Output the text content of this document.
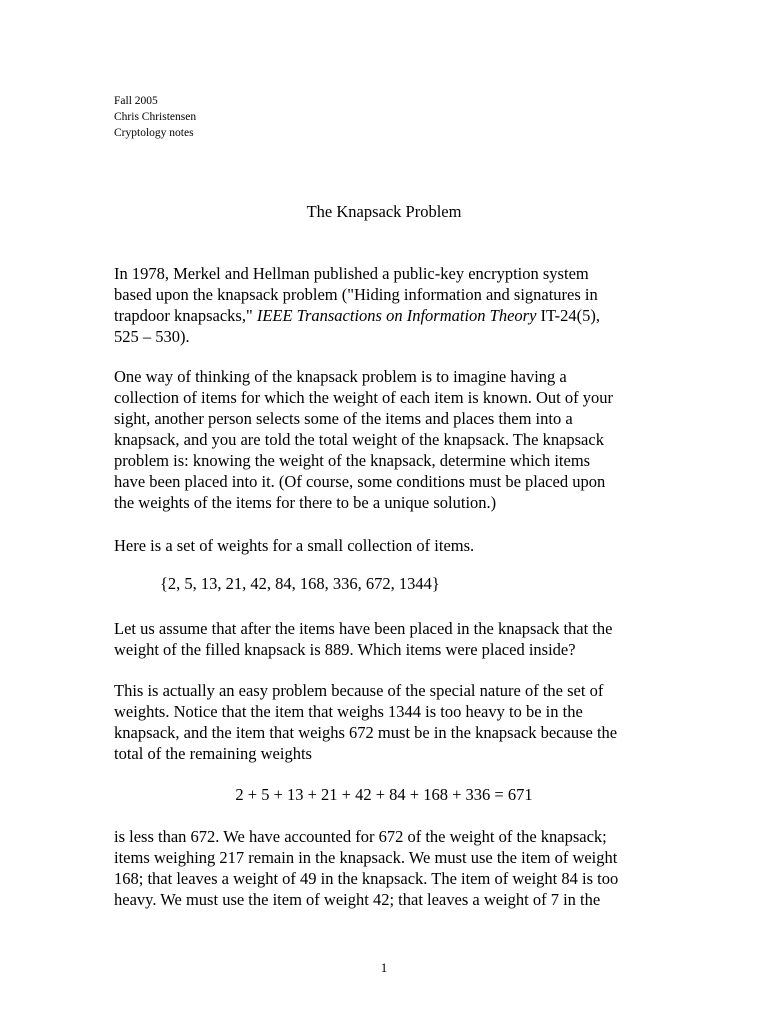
Fall 2005
Chris Christensen
Cryptology notes
The Knapsack Problem
In 1978, Merkel and Hellman published a public-key encryption system
based upon the knapsack problem ("Hiding information and signatures in
trapdoor knapsacks," IEEE Transactions on Information Theory IT-24(5),
525 – 530).
One way of thinking of the knapsack problem is to imagine having a
collection of items for which the weight of each item is known. Out of your
sight, another person selects some of the items and places them into a
knapsack, and you are told the total weight of the knapsack. The knapsack
problem is: knowing the weight of the knapsack, determine which items
have been placed into it. (Of course, some conditions must be placed upon
the weights of the items for there to be a unique solution.)
Here is a set of weights for a small collection of items.
{2, 5, 13, 21, 42, 84, 168, 336, 672, 1344}
Let us assume that after the items have been placed in the knapsack that the
weight of the filled knapsack is 889. Which items were placed inside?
This is actually an easy problem because of the special nature of the set of
weights. Notice that the item that weighs 1344 is too heavy to be in the
knapsack, and the item that weighs 672 must be in the knapsack because the
total of the remaining weights
2 + 5 + 13 + 21 + 42 + 84 + 168 + 336 = 671
is less than 672. We have accounted for 672 of the weight of the knapsack;
items weighing 217 remain in the knapsack. We must use the item of weight
168; that leaves a weight of 49 in the knapsack. The item of weight 84 is too
heavy. We must use the item of weight 42; that leaves a weight of 7 in the
1
